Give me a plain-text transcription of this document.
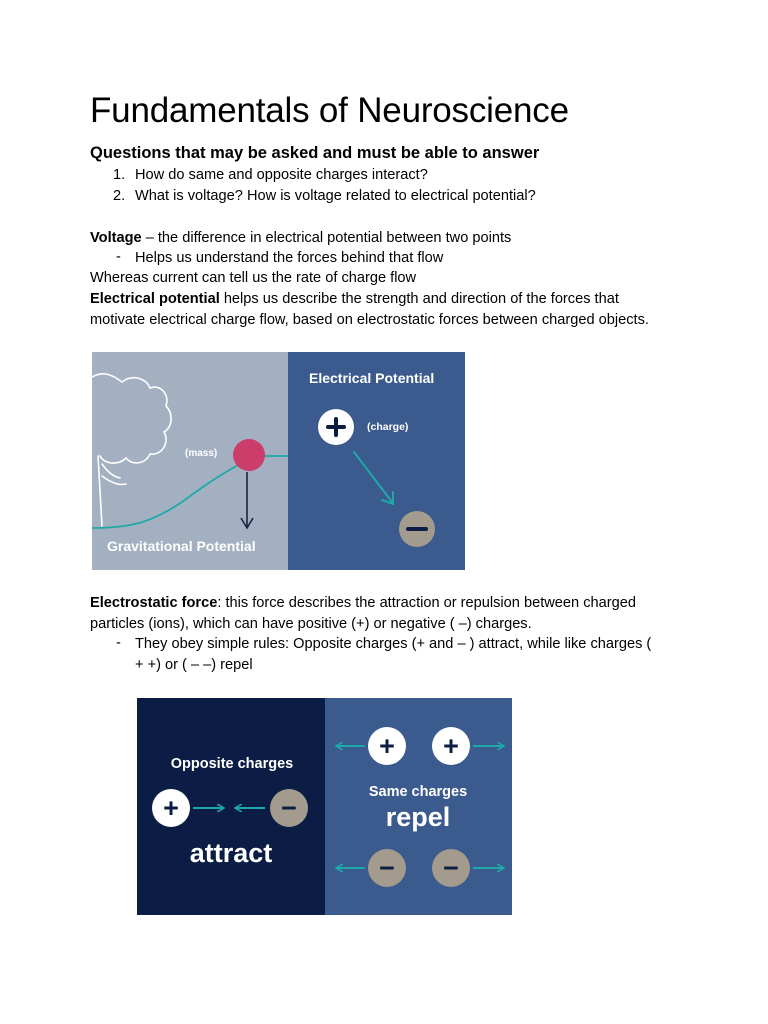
Fundamentals of Neuroscience
Questions that may be asked and must be able to answer
1. How do same and opposite charges interact?
2. What is voltage? How is voltage related to electrical potential?

Voltage – the difference in electrical potential between two points

- Helps us understand the forces behind that flow

Whereas current can tell us the rate of charge flow

Electrical potential helps us describe the strength and direction of the forces that

motivate electrical charge flow, based on electrostatic forces between charged objects.

(mass)
Gravitational Potential
Electrical Potential
(charge)

Electrostatic force: this force describes the attraction or repulsion between charged

particles (ions), which can have positive (+) or negative ( –) charges.

- They obey simple rules: Opposite charges (+ and – ) attract, while like charges (

+ +) or ( – –) repel

Opposite charges
+	−
attract
+ +
Same charges
repel
− −
